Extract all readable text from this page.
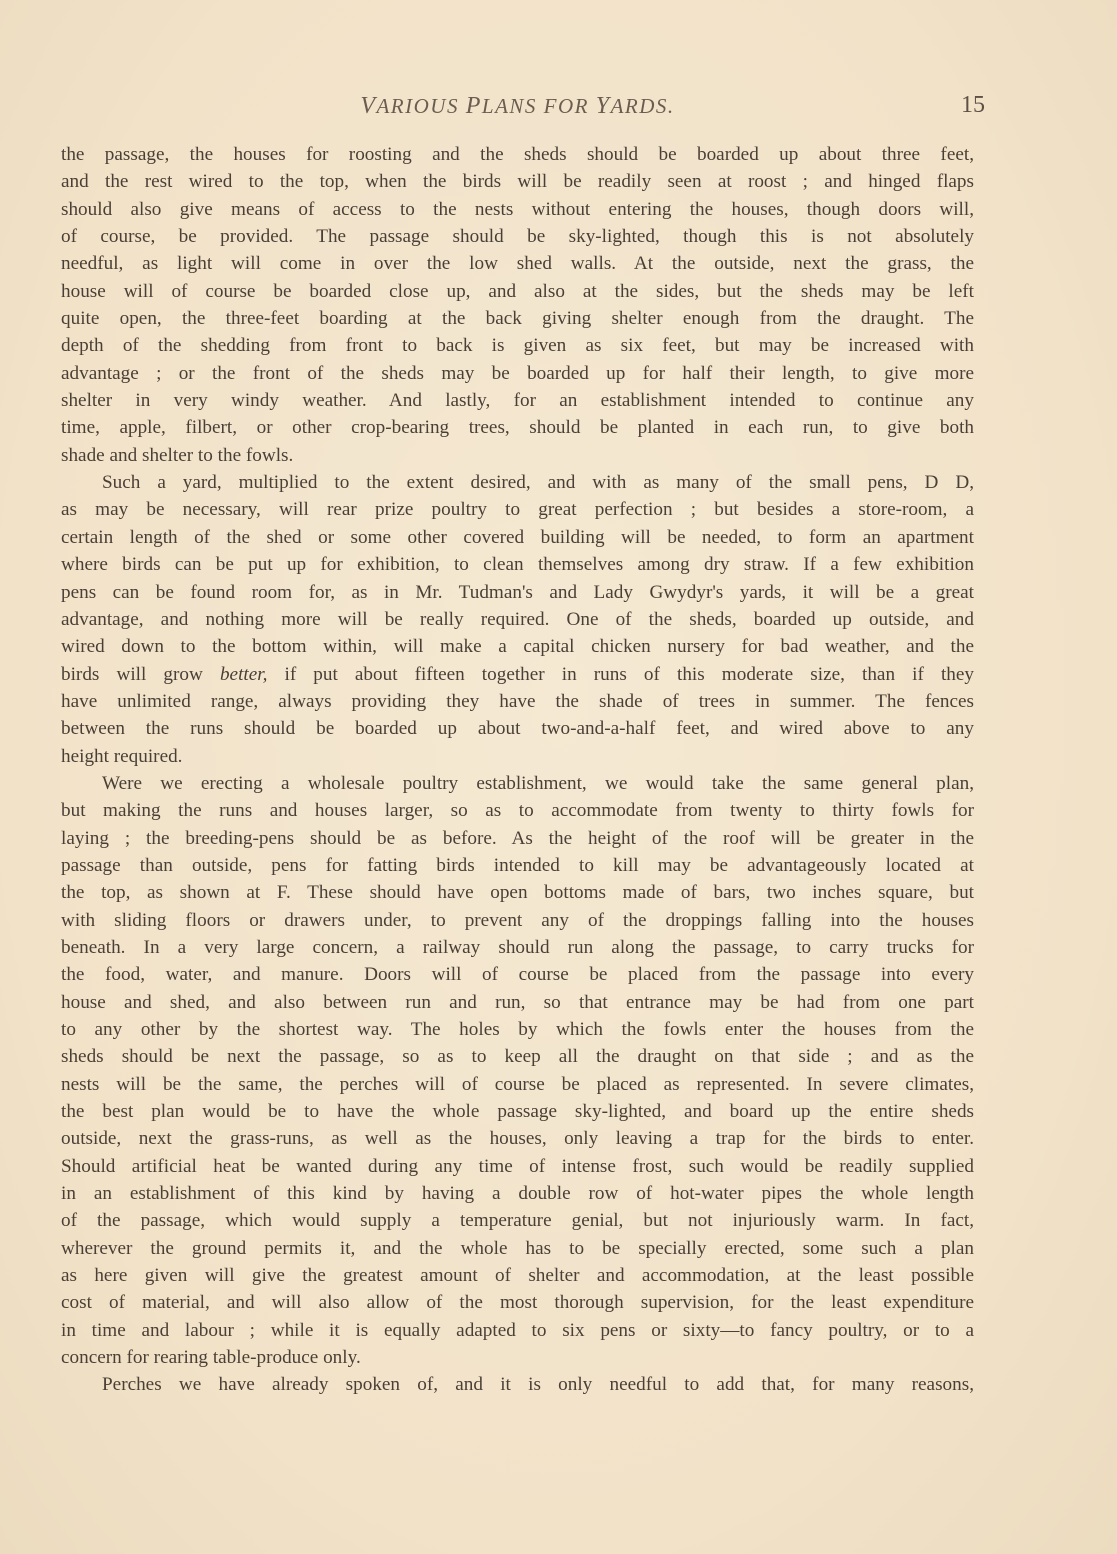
VARIOUS PLANS FOR YARDS.	15
the passage, the houses for roosting and the sheds should be boarded up about three feet,
and the rest wired to the top, when the birds will be readily seen at roost ; and hinged flaps
should also give means of access to the nests without entering the houses, though doors will,
of course, be provided. The passage should be sky-lighted, though this is not absolutely
needful, as light will come in over the low shed walls. At the outside, next the grass, the
house will of course be boarded close up, and also at the sides, but the sheds may be left
quite open, the three-feet boarding at the back giving shelter enough from the draught. The
depth of the shedding from front to back is given as six feet, but may be increased with
advantage ; or the front of the sheds may be boarded up for half their length, to give more
shelter in very windy weather. And lastly, for an establishment intended to continue any
time, apple, filbert, or other crop-bearing trees, should be planted in each run, to give both
shade and shelter to the fowls.
Such a yard, multiplied to the extent desired, and with as many of the small pens, D D,
as may be necessary, will rear prize poultry to great perfection ; but besides a store-room, a
certain length of the shed or some other covered building will be needed, to form an apartment
where birds can be put up for exhibition, to clean themselves among dry straw. If a few exhibition
pens can be found room for, as in Mr. Tudman's and Lady Gwydyr's yards, it will be a great
advantage, and nothing more will be really required. One of the sheds, boarded up outside, and
wired down to the bottom within, will make a capital chicken nursery for bad weather, and the
birds will grow better, if put about fifteen together in runs of this moderate size, than if they
have unlimited range, always providing they have the shade of trees in summer. The fences
between the runs should be boarded up about two-and-a-half feet, and wired above to any
height required.
Were we erecting a wholesale poultry establishment, we would take the same general plan,
but making the runs and houses larger, so as to accommodate from twenty to thirty fowls for
laying ; the breeding-pens should be as before. As the height of the roof will be greater in the
passage than outside, pens for fatting birds intended to kill may be advantageously located at
the top, as shown at F. These should have open bottoms made of bars, two inches square, but
with sliding floors or drawers under, to prevent any of the droppings falling into the houses
beneath. In a very large concern, a railway should run along the passage, to carry trucks for
the food, water, and manure. Doors will of course be placed from the passage into every
house and shed, and also between run and run, so that entrance may be had from one part
to any other by the shortest way. The holes by which the fowls enter the houses from the
sheds should be next the passage, so as to keep all the draught on that side ; and as the
nests will be the same, the perches will of course be placed as represented. In severe climates,
the best plan would be to have the whole passage sky-lighted, and board up the entire sheds
outside, next the grass-runs, as well as the houses, only leaving a trap for the birds to enter.
Should artificial heat be wanted during any time of intense frost, such would be readily supplied
in an establishment of this kind by having a double row of hot-water pipes the whole length
of the passage, which would supply a temperature genial, but not injuriously warm. In fact,
wherever the ground permits it, and the whole has to be specially erected, some such a plan
as here given will give the greatest amount of shelter and accommodation, at the least possible
cost of material, and will also allow of the most thorough supervision, for the least expenditure
in time and labour ; while it is equally adapted to six pens or sixty—to fancy poultry, or to a
concern for rearing table-produce only.
Perches we have already spoken of, and it is only needful to add that, for many reasons,
